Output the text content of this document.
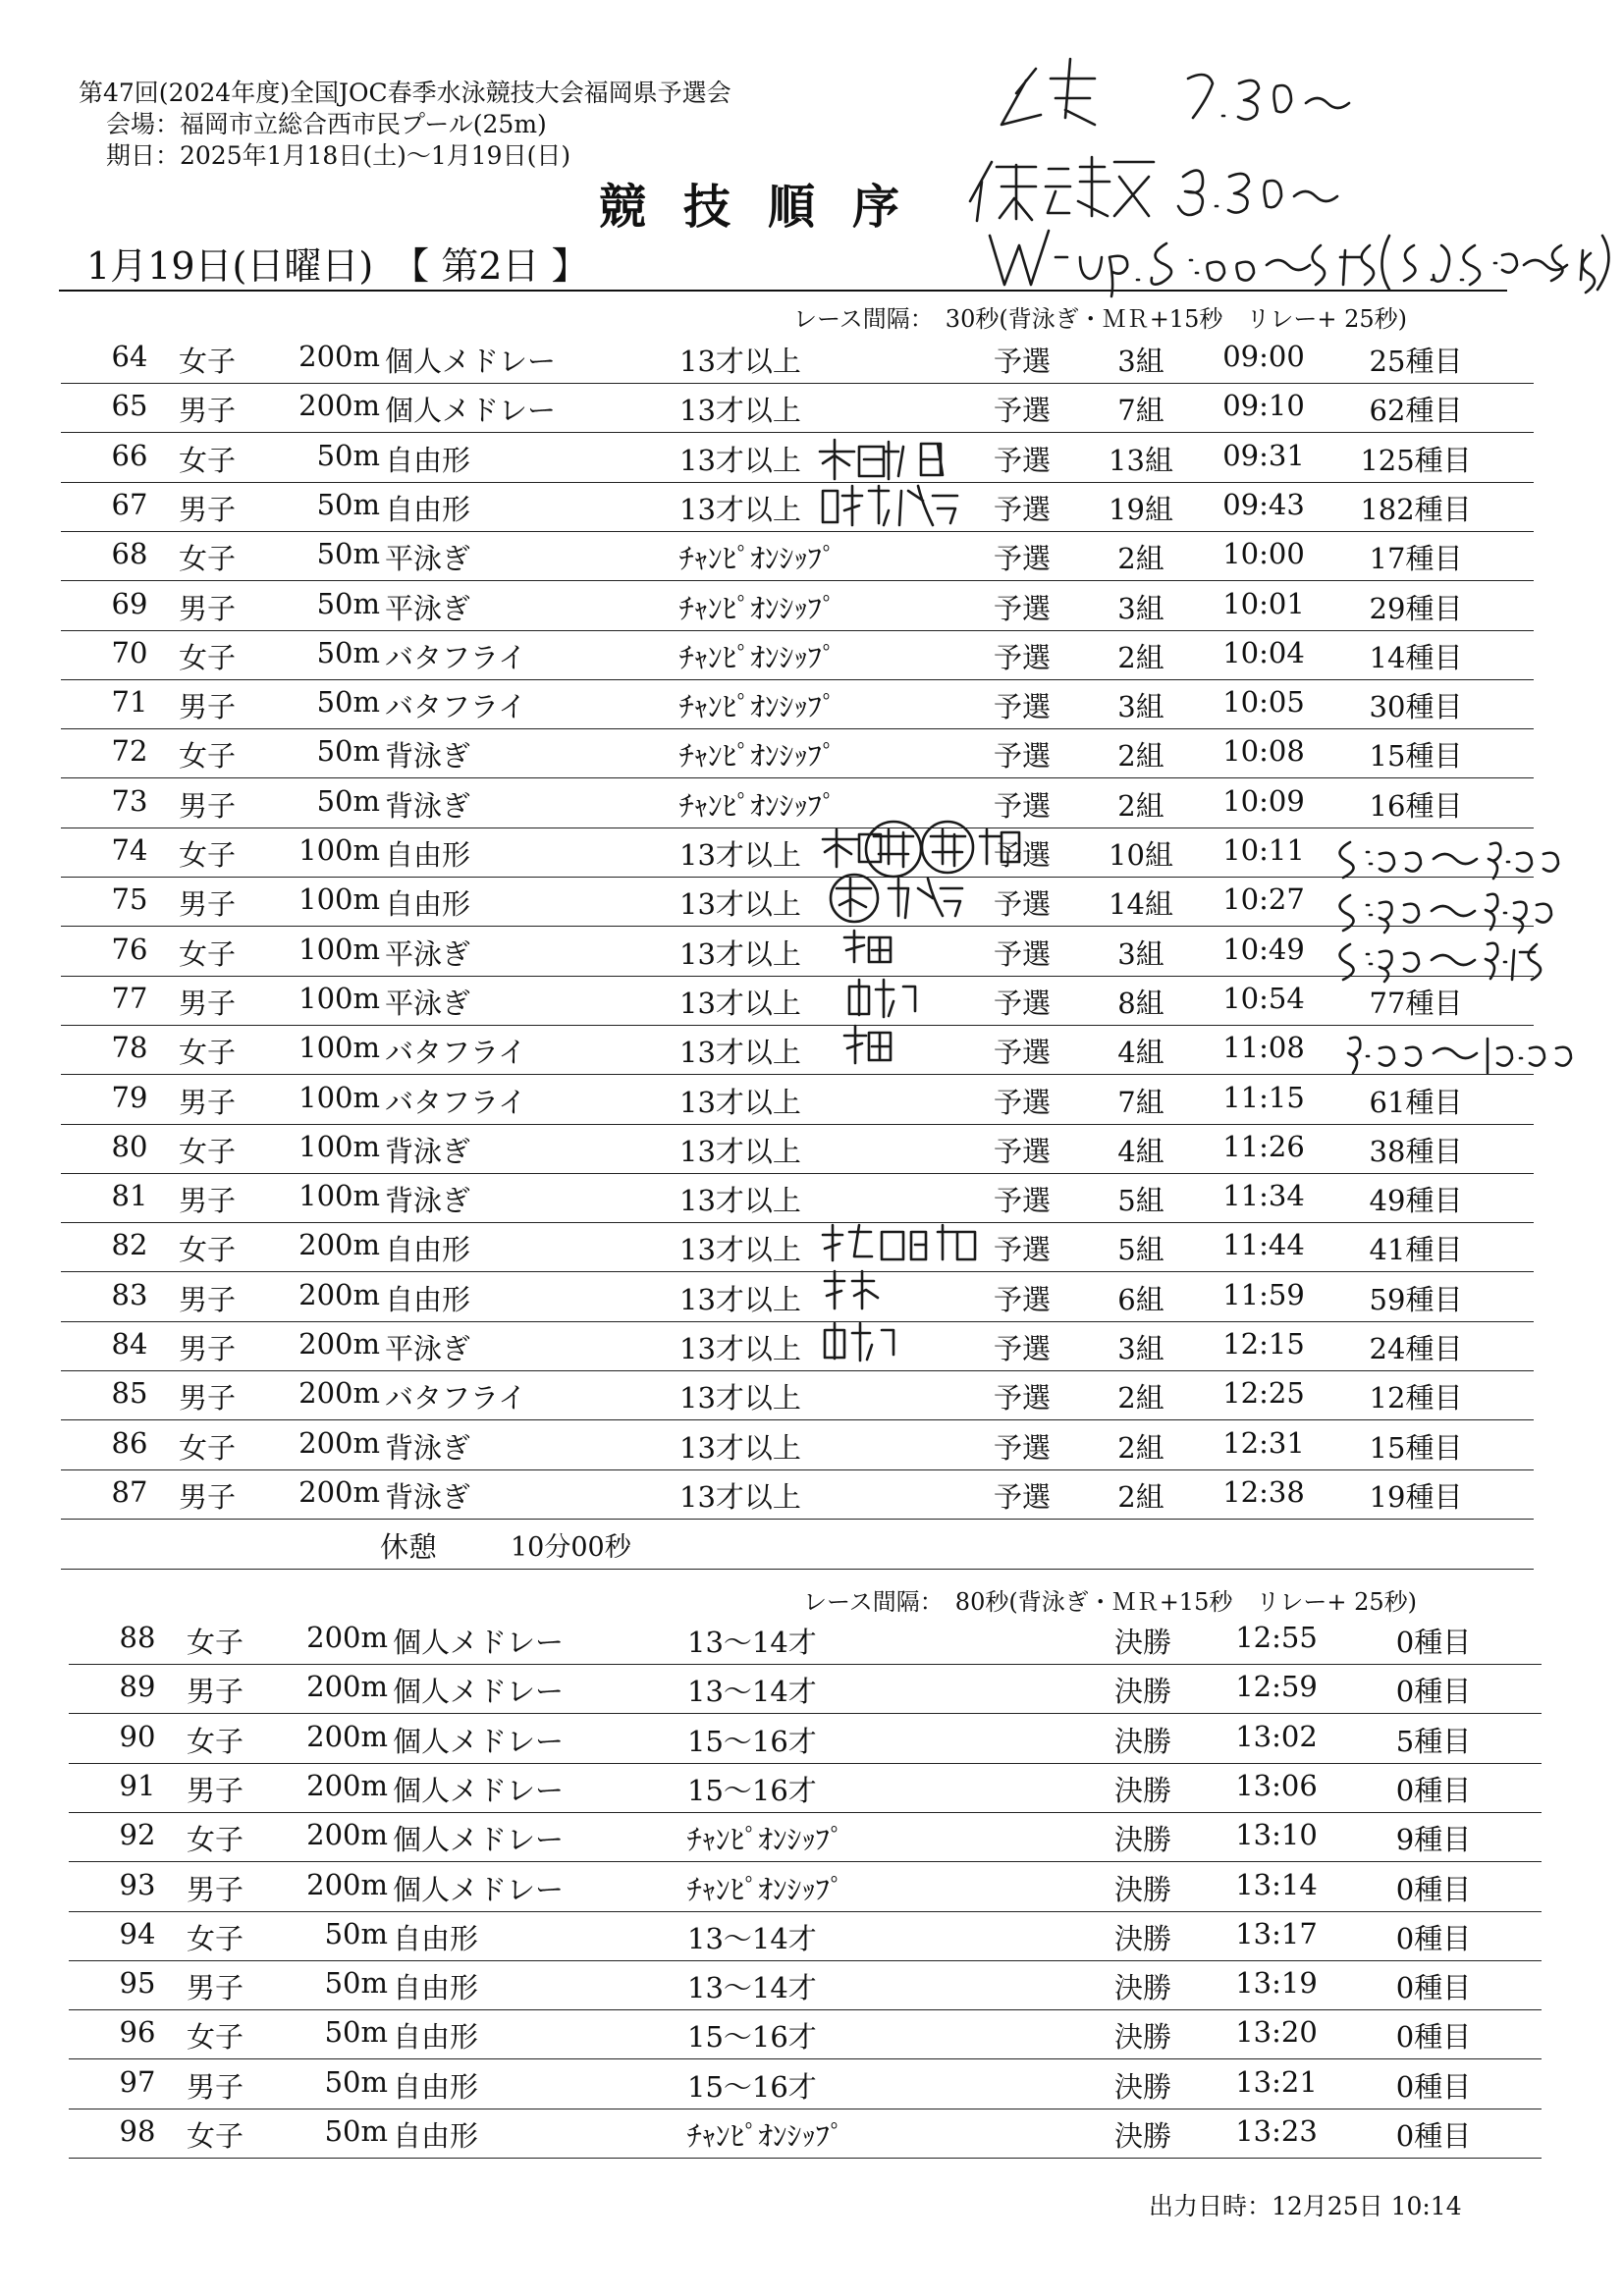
第47回(2024年度)全国JOC春季水泳競技大会福岡県予選会
会場：福岡市立総合西市民プール(25m)
期日：2025年1月18日(土)～1月19日(日)
競技順序
1月19日(日曜日)　【 第2日 】
レース間隔：　30秒(背泳ぎ・ＭＲ+15秒　リレー+ 25秒)
64 女子	200m 個人メドレー	13才以上	予選	3組	09:00	25種目
65 男子	200m 個人メドレー	13才以上	予選	7組	09:10	62種目
66 女子	50m 自由形	13才以上	予選	13組	09:31	125種目
67 男子	50m 自由形	13才以上	予選	19組	09:43	182種目
68 女子	50m 平泳ぎ	ﾁｬﾝﾋﾟｵﾝｼｯﾌﾟ	予選	2組	10:00	17種目
69 男子	50m 平泳ぎ	ﾁｬﾝﾋﾟｵﾝｼｯﾌﾟ	予選	3組	10:01	29種目
70 女子	50m バタフライ	ﾁｬﾝﾋﾟｵﾝｼｯﾌﾟ	予選	2組	10:04	14種目
71 男子	50m バタフライ	ﾁｬﾝﾋﾟｵﾝｼｯﾌﾟ	予選	3組	10:05	30種目
72 女子	50m 背泳ぎ	ﾁｬﾝﾋﾟｵﾝｼｯﾌﾟ	予選	2組	10:08	15種目
73 男子	50m 背泳ぎ	ﾁｬﾝﾋﾟｵﾝｼｯﾌﾟ	予選	2組	10:09	16種目
74 女子	100m 自由形	13才以上	予選	10組	10:11
75 男子	100m 自由形	13才以上	予選	14組	10:27
76 女子	100m 平泳ぎ	13才以上	予選	3組	10:49
77 男子	100m 平泳ぎ	13才以上	予選	8組	10:54	77種目
78 女子	100m バタフライ	13才以上	予選	4組	11:08
79 男子	100m バタフライ	13才以上	予選	7組	11:15	61種目
80 女子	100m 背泳ぎ	13才以上	予選	4組	11:26	38種目
81 男子	100m 背泳ぎ	13才以上	予選	5組	11:34	49種目
82 女子	200m 自由形	13才以上	予選	5組	11:44	41種目
83 男子	200m 自由形	13才以上	予選	6組	11:59	59種目
84 男子	200m 平泳ぎ	13才以上	予選	3組	12:15	24種目
85 男子	200m バタフライ	13才以上	予選	2組	12:25	12種目
86 女子	200m 背泳ぎ	13才以上	予選	2組	12:31	15種目
87 男子	200m 背泳ぎ	13才以上	予選	2組	12:38	19種目
休憩	10分00秒
レース間隔：　80秒(背泳ぎ・ＭＲ+15秒　リレー+ 25秒)
88 女子	200m 個人メドレー	13～14才	決勝	12:55	0種目
89 男子	200m 個人メドレー	13～14才	決勝	12:59	0種目
90 女子	200m 個人メドレー	15～16才	決勝	13:02	5種目
91 男子	200m 個人メドレー	15～16才	決勝	13:06	0種目
92 女子	200m 個人メドレー	ﾁｬﾝﾋﾟｵﾝｼｯﾌﾟ	決勝	13:10	9種目
93 男子	200m 個人メドレー	ﾁｬﾝﾋﾟｵﾝｼｯﾌﾟ	決勝	13:14	0種目
94 女子	50m 自由形	13～14才	決勝	13:17	0種目
95 男子	50m 自由形	13～14才	決勝	13:19	0種目
96 女子	50m 自由形	15～16才	決勝	13:20	0種目
97 男子	50m 自由形	15～16才	決勝	13:21	0種目
98 女子	50m 自由形	ﾁｬﾝﾋﾟｵﾝｼｯﾌﾟ	決勝	13:23	0種目
出力日時：12月25日 10:14
